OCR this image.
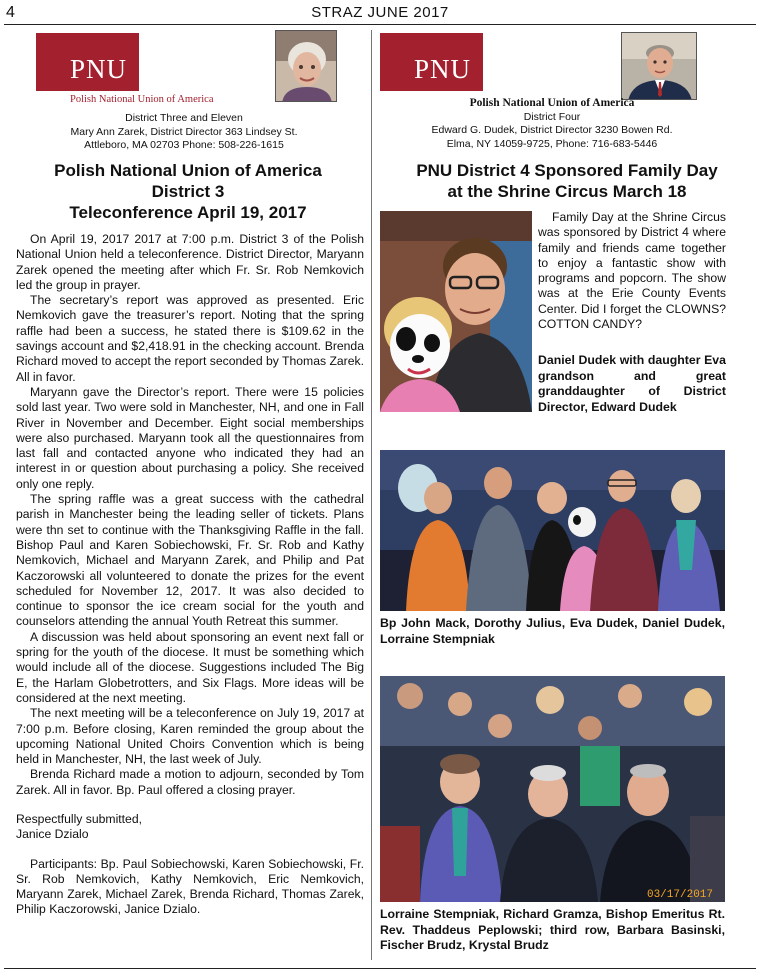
4	STRAZ JUNE 2017
PNU
Polish National Union of America
District Three and Eleven
Mary Ann Zarek, District Director 363 Lindsey St.
Attleboro, MA 02703 Phone: 508-226-1615
PNU
Polish National Union of America
District Four
Edward G. Dudek, District Director 3230 Bowen Rd.
Elma, NY 14059-9725, Phone: 716-683-5446
Polish National Union of America
District 3
Teleconference April 19, 2017

On April 19, 2017 2017 at 7:00 p.m. District 3 of the Polish National Union held a teleconference. District Director, Maryann Zarek opened the meeting after which Fr. Sr. Rob Nemkovich led the group in prayer.

The secretary’s report was approved as presented. Eric Nemkovich gave the treasurer’s report. Noting that the spring raffle had been a success, he stated there is $109.62 in the savings account and $2,418.91 in the checking account. Brenda Richard moved to accept the report seconded by Thomas Zarek. All in favor.

Maryann gave the Director’s report. There were 15 policies sold last year. Two were sold in Manchester, NH, and one in Fall River in November and December. Eight social memberships were also purchased. Maryann took all the questionnaires from last fall and contacted anyone who indicated they had an interest in or question about purchasing a policy. She received only one reply.

The spring raffle was a great success with the cathedral parish in Manchester being the leading seller of tickets. Plans were thn set to continue with the Thanksgiving Raffle in the fall. Bishop Paul and Karen Sobiechowski, Fr. Sr. Rob and Kathy Nemkovich, Michael and Maryann Zarek, and Philip and Pat Kaczorowski all volunteered to donate the prizes for the event scheduled for November 12, 2017. It was also decided to continue to sponsor the ice cream social for the youth and counselors attending the annual Youth Retreat this summer.

A discussion was held about sponsoring an event next fall or spring for the youth of the diocese. It must be something which would include all of the diocese. Suggestions included The Big E, the Harlam Globetrotters, and Six Flags. More ideas will be considered at the next meeting.

The next meeting will be a teleconference on July 19, 2017 at 7:00 p.m. Before closing, Karen reminded the group about the upcoming National United Choirs Convention which is being held in Manchester, NH, the last week of July.

Brenda Richard made a motion to adjourn, seconded by Tom Zarek. All in favor. Bp. Paul offered a closing prayer.

Respectfully submitted,

Janice Dzialo

Participants: Bp. Paul Sobiechowski, Karen Sobiechowski, Fr. Sr. Rob Nemkovich, Kathy Nemkovich, Eric Nemkovich, Maryann Zarek, Michael Zarek, Brenda Richard, Thomas Zarek, Philip Kaczorowski, Janice Dzialo.

PNU District 4 Sponsored Family Day
at the Shrine Circus March 18
Family Day at the Shrine Circus was sponsored by District 4 where family and friends came together to enjoy a fantastic show with programs and popcorn. The show was at the Erie County Events Center. Did I forget the CLOWNS? COTTON CANDY?
Daniel Dudek with daughter Eva grandson and great granddaughter of District Director, Edward Dudek
Bp John Mack, Dorothy Julius, Eva Dudek, Daniel Dudek, Lorraine Stempniak
03/17/2017
Lorraine Stempniak, Richard Gramza, Bishop Emeritus Rt. Rev. Thaddeus Peplowski; third row, Barbara Basinski, Fischer Brudz, Krystal Brudz
